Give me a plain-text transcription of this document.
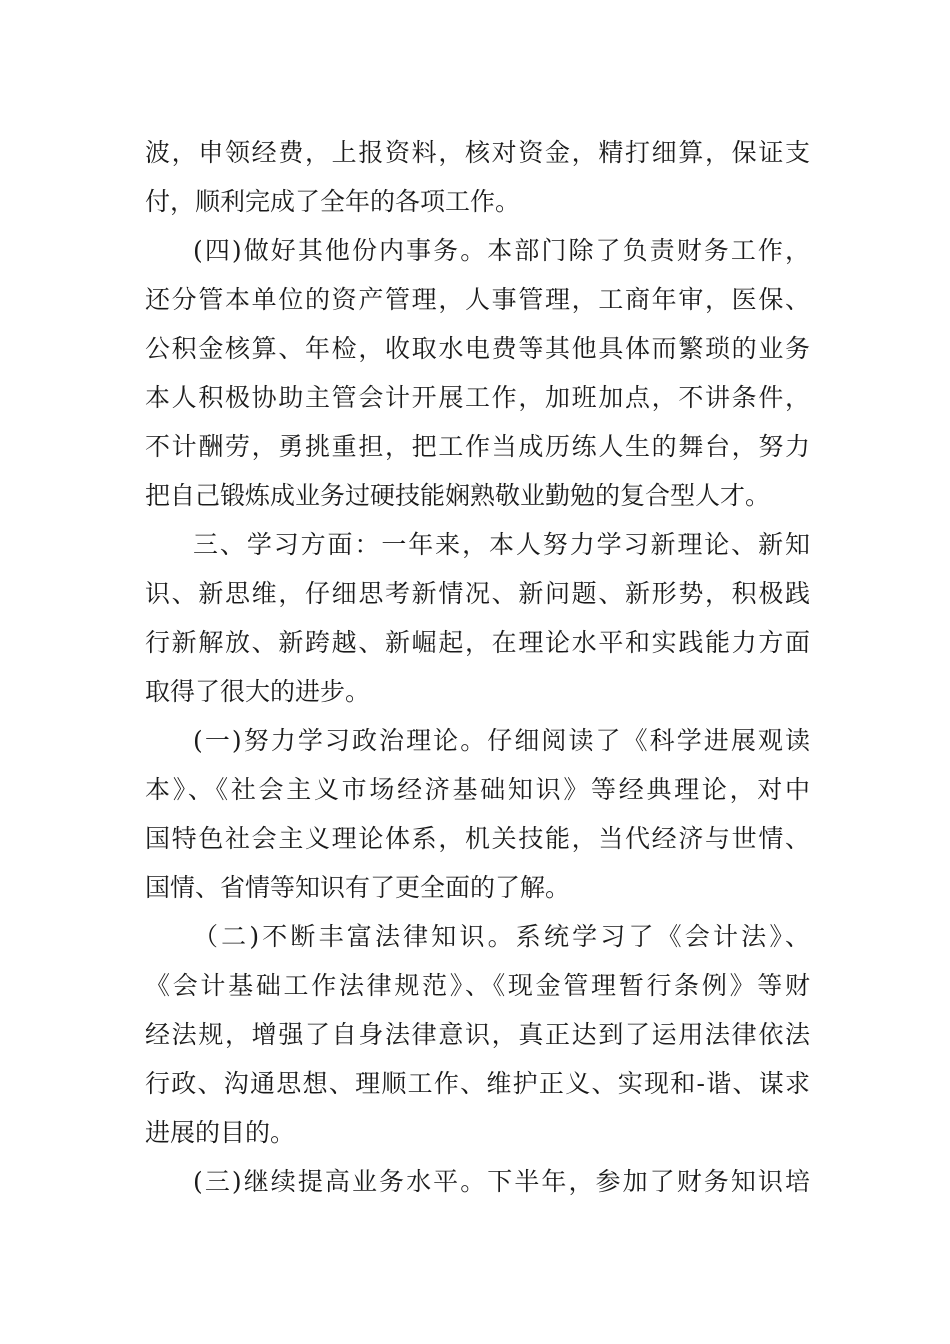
波，申领经费，上报资料，核对资金，精打细算，保证支
付，顺利完成了全年的各项工作。
(四)做好其他份内事务。本部门除了负责财务工作，
还分管本单位的资产管理，人事管理，工商年审，医保、
公积金核算、年检，收取水电费等其他具体而繁琐的业务
本人积极协助主管会计开展工作，加班加点，不讲条件，
不计酬劳，勇挑重担，把工作当成历练人生的舞台，努力
把自己锻炼成业务过硬技能娴熟敬业勤勉的复合型人才。
三、学习方面：一年来，本人努力学习新理论、新知
识、新思维，仔细思考新情况、新问题、新形势，积极践
行新解放、新跨越、新崛起，在理论水平和实践能力方面
取得了很大的进步。
(一)努力学习政治理论。仔细阅读了《科学进展观读
本》、《社会主义市场经济基础知识》等经典理论，对中
国特色社会主义理论体系，机关技能，当代经济与世情、
国情、省情等知识有了更全面的了解。
（二)不断丰富法律知识。系统学习了《会计法》、
《会计基础工作法律规范》、《现金管理暂行条例》等财
经法规，增强了自身法律意识，真正达到了运用法律依法
行政、沟通思想、理顺工作、维护正义、实现和-谐、谋求
进展的目的。
(三)继续提高业务水平。下半年，参加了财务知识培
